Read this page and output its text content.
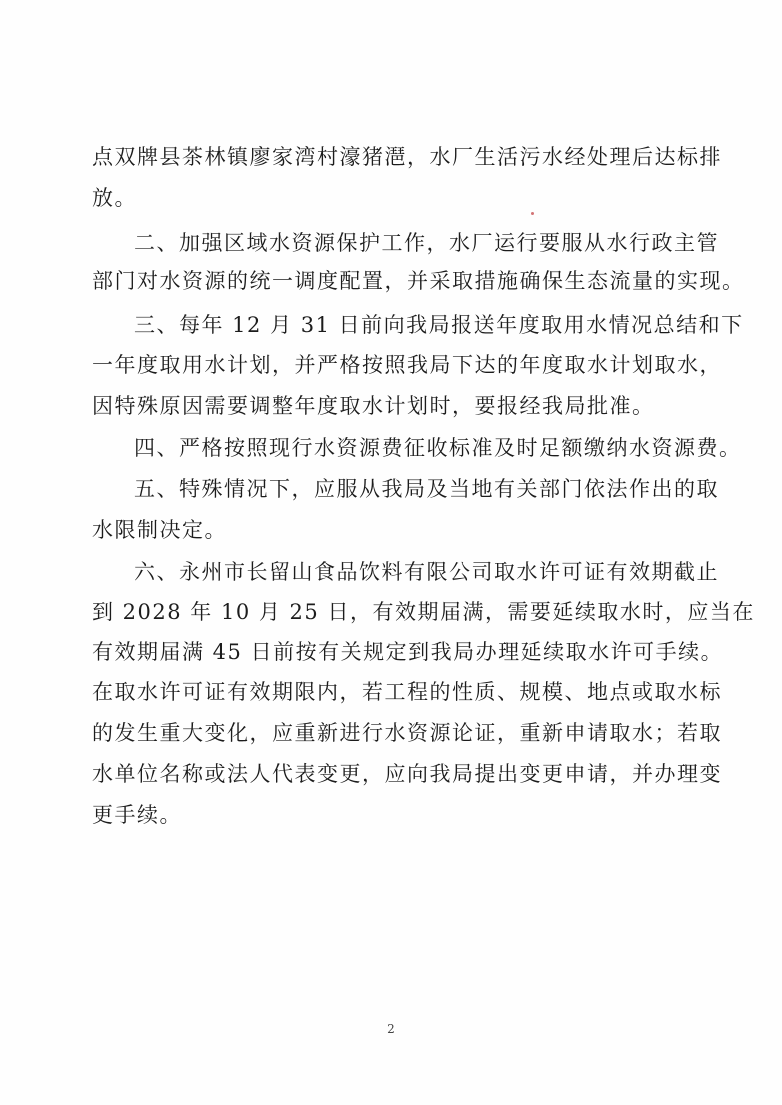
点双牌县茶林镇廖家湾村濠猪潖，水厂生活污水经处理后达标排
放。
二、加强区域水资源保护工作，水厂运行要服从水行政主管
部门对水资源的统一调度配置，并采取措施确保生态流量的实现。
三、每年 12 月 31 日前向我局报送年度取用水情况总结和下
一年度取用水计划，并严格按照我局下达的年度取水计划取水，
因特殊原因需要调整年度取水计划时，要报经我局批准。
四、严格按照现行水资源费征收标准及时足额缴纳水资源费。
五、特殊情况下，应服从我局及当地有关部门依法作出的取
水限制决定。
六、永州市长留山食品饮料有限公司取水许可证有效期截止
到 2028 年 10 月 25 日，有效期届满，需要延续取水时，应当在
有效期届满 45 日前按有关规定到我局办理延续取水许可手续。
在取水许可证有效期限内，若工程的性质、规模、地点或取水标
的发生重大变化，应重新进行水资源论证，重新申请取水；若取
水单位名称或法人代表变更，应向我局提出变更申请，并办理变
更手续。
2
